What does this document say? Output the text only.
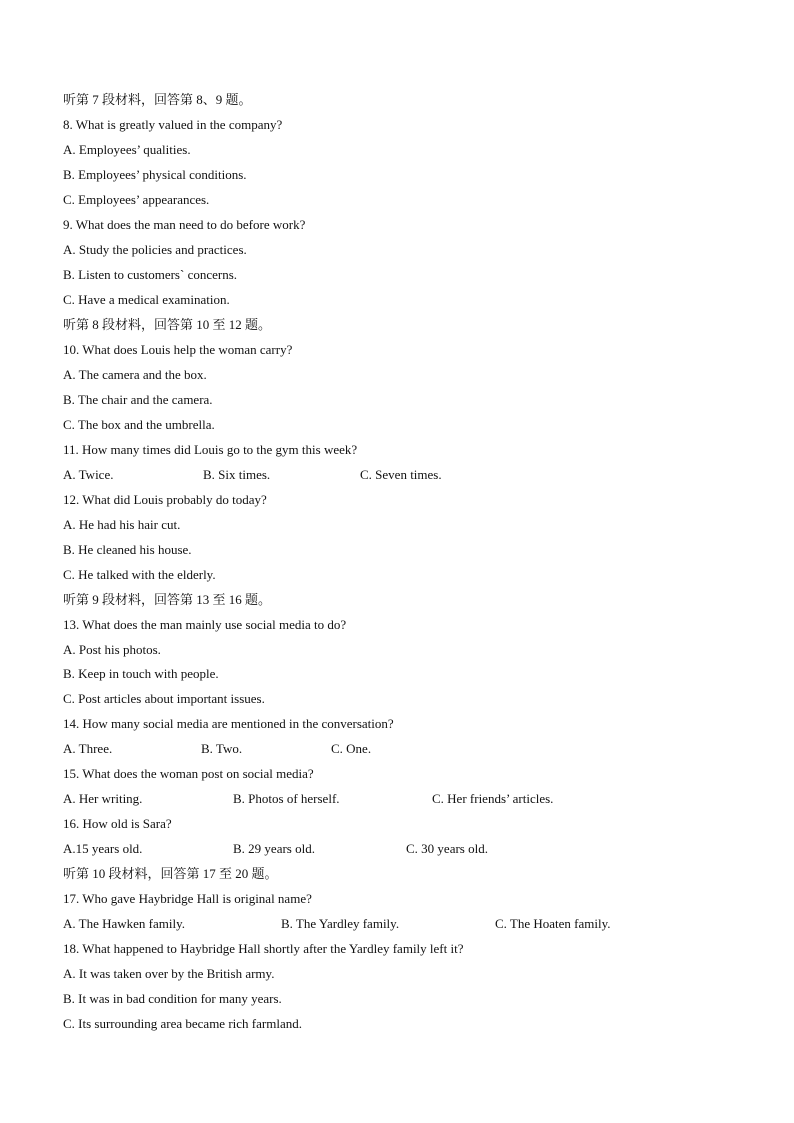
听第 7 段材料，回答第 8、9 题。
8. What is greatly valued in the company?
A. Employees’ qualities.
B. Employees’ physical conditions.
C. Employees’ appearances.
9. What does the man need to do before work?
A. Study the policies and practices.
B. Listen to customers` concerns.
C. Have a medical examination.
听第 8 段材料，回答第 10 至 12 题。
10. What does Louis help the woman carry?
A. The camera and the box.
B. The chair and the camera.
C. The box and the umbrella.
11. How many times did Louis go to the gym this week?
A. Twice.	B. Six times.	C. Seven times.
12. What did Louis probably do today?
A. He had his hair cut.
B. He cleaned his house.
C. He talked with the elderly.
听第 9 段材料，回答第 13 至 16 题。
13. What does the man mainly use social media to do?
A. Post his photos.
B. Keep in touch with people.
C. Post articles about important issues.
14. How many social media are mentioned in the conversation?
A. Three.	B. Two.	C. One.
15. What does the woman post on social media?
A. Her writing.	B. Photos of herself.	C. Her friends’ articles.
16. How old is Sara?
A.15 years old.	B. 29 years old.	C. 30 years old.
听第 10 段材料，回答第 17 至 20 题。
17. Who gave Haybridge Hall is original name?
A. The Hawken family.	B. The Yardley family.	C. The Hoaten family.
18. What happened to Haybridge Hall shortly after the Yardley family left it?
A. It was taken over by the British army.
B. It was in bad condition for many years.
C. Its surrounding area became rich farmland.
